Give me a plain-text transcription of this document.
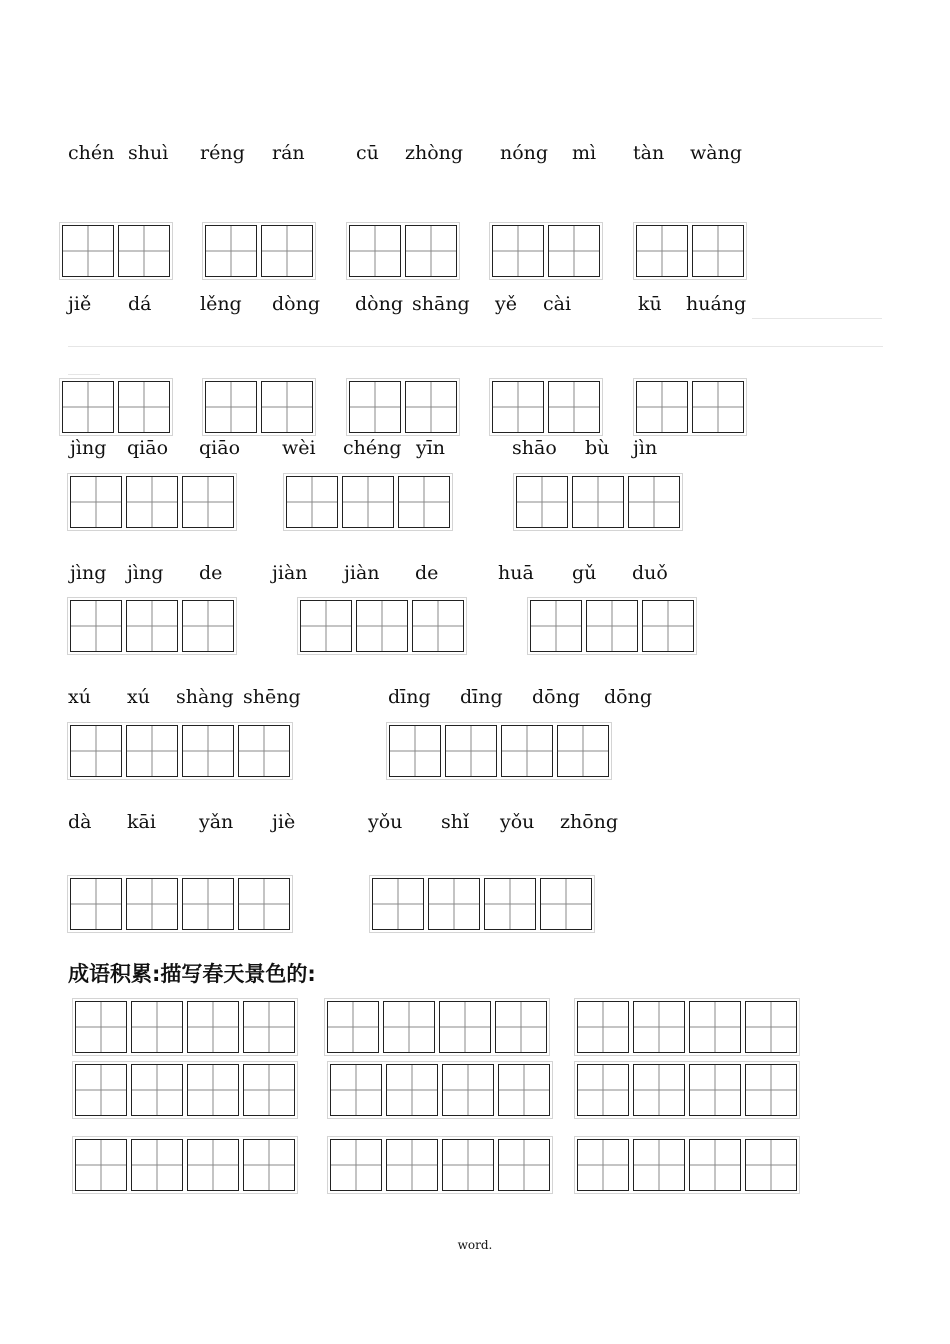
chén shuì réng rán	cū zhòng nóng mì tàn wàng
jiě dá	lěng dòng dòng shāng yě cài	kū huáng
jìng qiāo qiāo wèi chéng yīn	shāo bù jìn
jìng jìng de	jiàn jiàn de	huā gǔ duǒ
xú xú shàng shēng	dīng dīng dōng dōng
dà kāi yǎn jiè	yǒu shǐ yǒu zhōng
成语积累:描写春天景色的:
word.
